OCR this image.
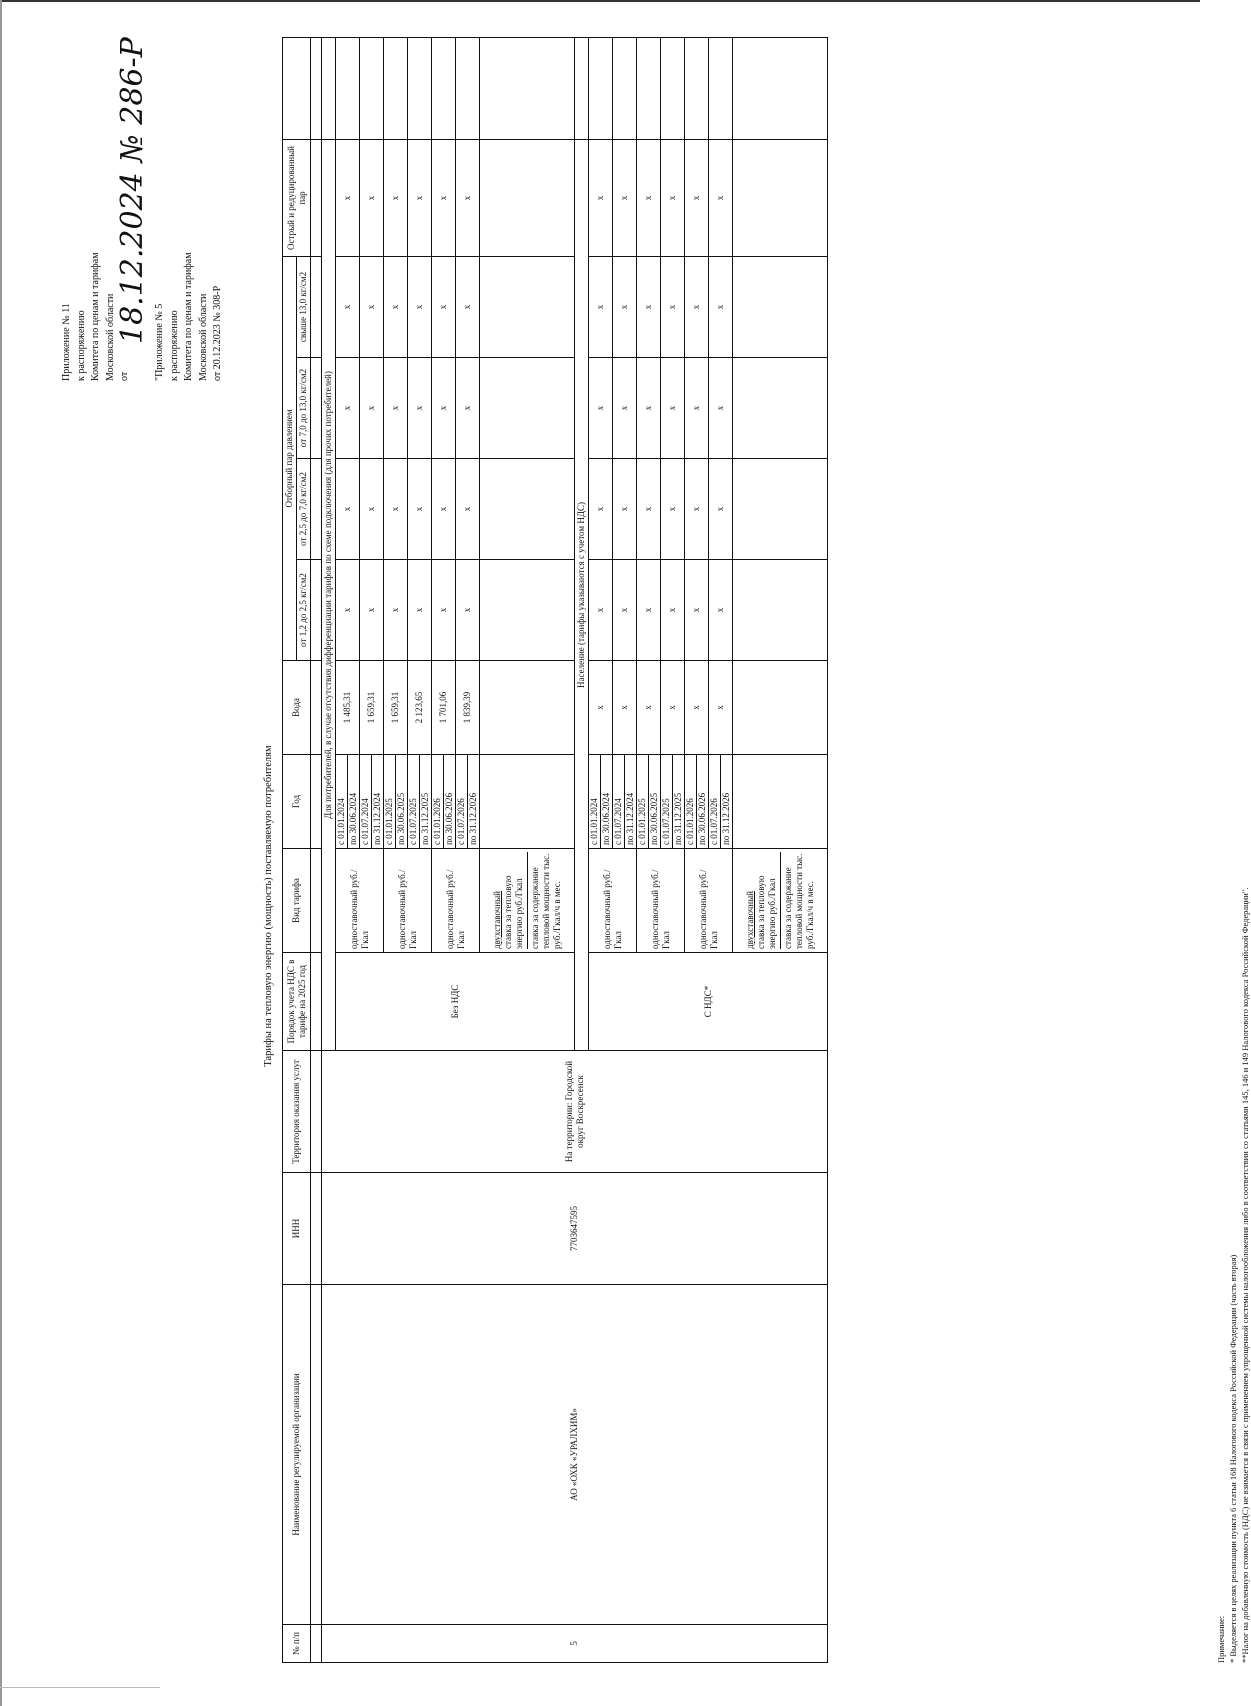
Приложение № 11 к распоряжению Комитета по ценам и тарифам Московской области от
18.12.2024 № 286-Р "Приложение № 5 к распоряжению Комитета по ценам и тарифам Московской области от 20.12.2023 № 308-Р
Тарифы на тепловую энергию (мощность) поставляемую потребителям
№ п/п	Наименование регулируемой организации	ИНН	Территория оказания услуг	Порядок учета НДС в тарифе на 2025 год	Вид тарифа	Год	Вода	Отборный пар давлением				Острый и редуцированный пар	
								от 1,2 до 2,5 кг/см2	от 2,5 до 7,0 кг/см2	от 7,0 до 13,0 кг/см2	свыше 13,0 кг/см2		

5	АО «ОХК «УРАЛХИМ»	7703647595	На территории: Городской округ Воскресенск	Для потребителей, в случае отсутствия дифференциации тарифов по схеме подключения (для прочих потребителей)									
				Без НДС	одноставочный руб./Гкал	с 01.01.2024 по 30.06.2024	1 485,31	x	x	x	x	x	

						с 01.07.2024 по 31.12.2024	1 659,31	x	x	x	x	x	
					одноставочный руб./Гкал	с 01.01.2025 по 30.06.2025	1 659,31	x	x	x	x	x	

						с 01.07.2025 по 31.12.2025	2 123,65	x	x	x	x	x	
					одноставочный руб./Гкал	с 01.01.2026 по 30.06.2026	1 701,06	x	x	x	x	x	

						с 01.07.2026 по 31.12.2026	1 839,39	x	x	x	x	x	

					двухставочный ставка за тепловую энергию руб./Гкал ставка за содержание тепловой мощности тыс. руб./Гкал/ч в мес.								

				Население (тарифы указываются с учетом НДС)									
				С НДС*	одноставочный руб./Гкал	с 01.01.2024 по 30.06.2024	x	x	x	x	x	x	

						с 01.07.2024 по 31.12.2024	x	x	x	x	x	x	
					одноставочный руб./Гкал	с 01.01.2025 по 30.06.2025	x	x	x	x	x	x	

						с 01.07.2025 по 31.12.2025	x	x	x	x	x	x	
					одноставочный руб./Гкал	с 01.01.2026 по 30.06.2026	x	x	x	x	x	x	

						с 01.07.2026 по 31.12.2026	x	x	x	x	x	x	

					двухставочный ставка за тепловую энергию руб./Гкал ставка за содержание тепловой мощности тыс. руб./Гкал/ч в мес.								

Примечание: * Выделяется в целях реализации пункта 6 статьи 168 Налогового кодекса Российской Федерации (часть вторая) **Налог на добавленную стоимость (НДС) не взимается в связи с применением упрощенной системы налогообложения либо в соответствии со статьями 145, 146 и 149 Налогового кодекса Российской Федерации".
